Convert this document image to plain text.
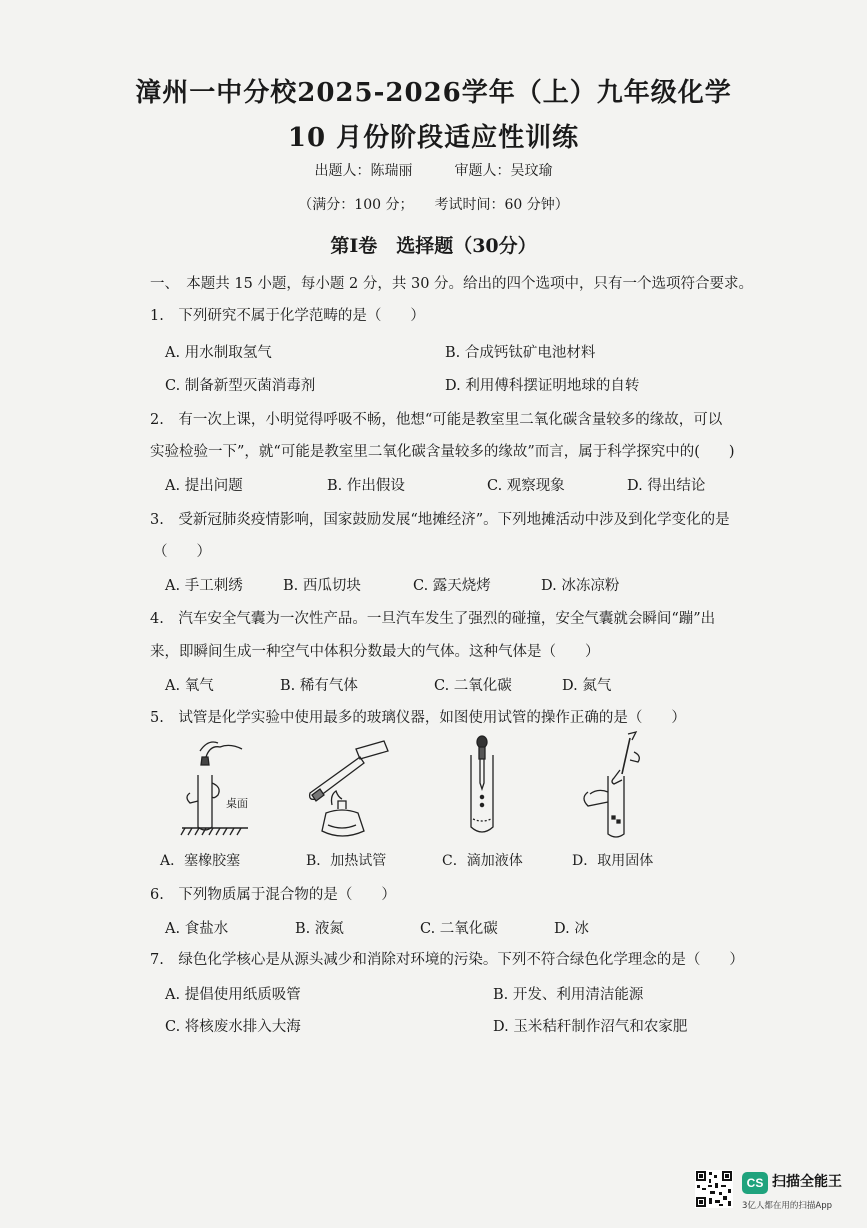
漳州一中分校2025-2026学年（上）九年级化学
10 月份阶段适应性训练
出题人：陈瑞丽　　　审题人：吴玟瑜
（满分：100 分；　　考试时间：60 分钟）
第Ⅰ卷　选择题（30分）
一、　本题共 15 小题，每小题 2 分，共 30 分。给出的四个选项中，只有一个选项符合要求。
1.　下列研究不属于化学范畴的是（　　）
A. 用水制取氢气	B. 合成钙钛矿电池材料
C. 制备新型灭菌消毒剂	D. 利用傅科摆证明地球的自转
2.　有一次上课，小明觉得呼吸不畅，他想“可能是教室里二氧化碳含量较多的缘故，可以
实验检验一下”，就“可能是教室里二氧化碳含量较多的缘故”而言，属于科学探究中的(　　)
A. 提出问题	B. 作出假设	C. 观察现象	D. 得出结论
3.　受新冠肺炎疫情影响，国家鼓励发展“地摊经济”。下列地摊活动中涉及到化学变化的是
（　　）
A. 手工刺绣	B. 西瓜切块	C. 露天烧烤	D. 冰冻凉粉
4.　汽车安全气囊为一次性产品。一旦汽车发生了强烈的碰撞，安全气囊就会瞬间“蹦”出
来，即瞬间生成一种空气中体积分数最大的气体。这种气体是（　　）
A. 氧气	B. 稀有气体	C. 二氧化碳	D. 氮气
5.　试管是化学实验中使用最多的玻璃仪器，如图使用试管的操作正确的是（　　）
桌面
A．塞橡胶塞	B．加热试管	C．滴加液体	D．取用固体
6.　下列物质属于混合物的是（　　）
A. 食盐水	B. 液氮	C. 二氧化碳	D. 冰
7.　绿色化学核心是从源头减少和消除对环境的污染。下列不符合绿色化学理念的是（　　）
A. 提倡使用纸质吸管	B. 开发、利用清洁能源
C. 将核废水排入大海	D. 玉米秸秆制作沼气和农家肥
CS 扫描全能王
3亿人都在用的扫描App
